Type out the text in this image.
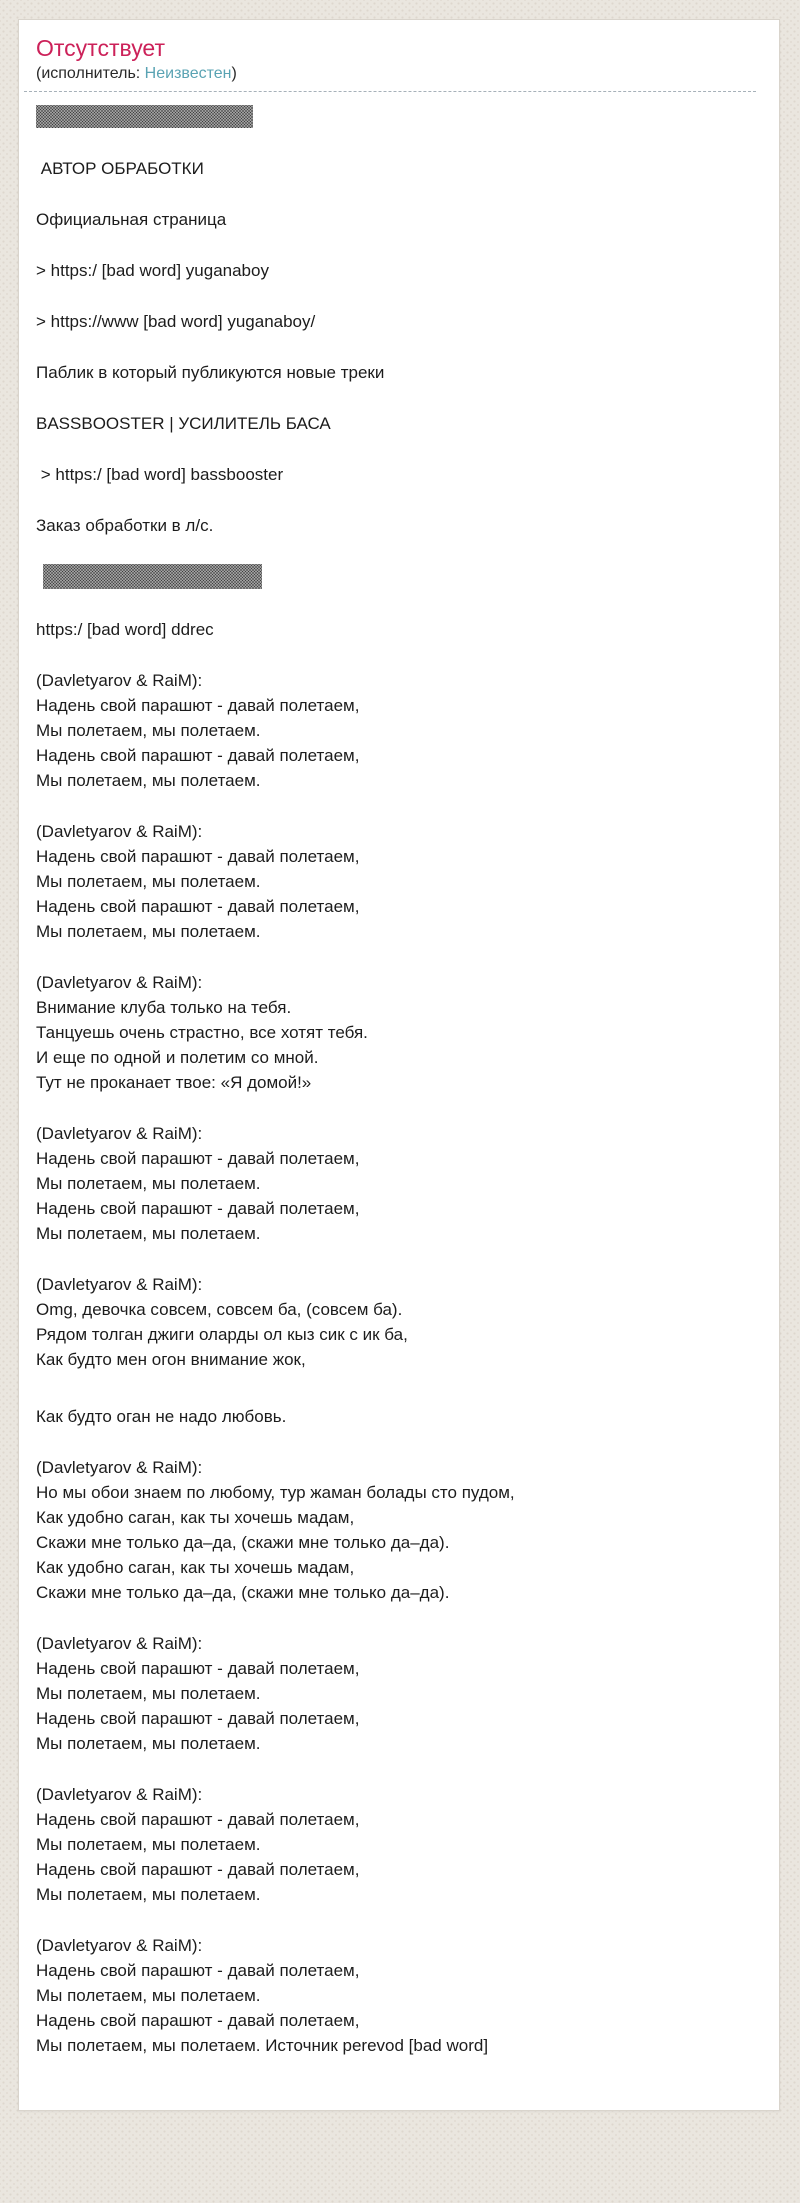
Отсутствует
(исполнитель: Неизвестен)

АВТОР ОБРАБОТКИ

Официальная страница

> https:/ [bad word] yuganaboy

> https://www [bad word] yuganaboy/

Паблик в который публикуются новые треки

BASSBOOSTER | УСИЛИТЕЛЬ БАСА

> https:/ [bad word] bassbooster

Заказ обработки в л/с.

https:/ [bad word] ddrec

(Davletyarov & RaiM):
Надень свой парашют - давай полетаем,
Мы полетаем, мы полетаем.
Надень свой парашют - давай полетаем,
Мы полетаем, мы полетаем.

(Davletyarov & RaiM):
Надень свой парашют - давай полетаем,
Мы полетаем, мы полетаем.
Надень свой парашют - давай полетаем,
Мы полетаем, мы полетаем.

(Davletyarov & RaiM):
Внимание клуба только на тебя.
Танцуешь очень страстно, все хотят тебя.
И еще по одной и полетим со мной.
Тут не проканает твое: «Я домой!»

(Davletyarov & RaiM):
Надень свой парашют - давай полетаем,
Мы полетаем, мы полетаем.
Надень свой парашют - давай полетаем,
Мы полетаем, мы полетаем.

(Davletyarov & RaiM):
Omg, девочка совсем, совсем ба, (совсем ба).
Рядом толган джиги оларды ол кыз сик с ик ба,
Как будто мен огон внимание жок,

Как будто оган не надо любовь.

(Davletyarov & RaiM):
Но мы обои знаем по любому, тур жаман болады сто пудом,
Как удобно саган, как ты хочешь мадам,
Скажи мне только да–да, (скажи мне только да–да).
Как удобно саган, как ты хочешь мадам,
Скажи мне только да–да, (скажи мне только да–да).

(Davletyarov & RaiM):
Надень свой парашют - давай полетаем,
Мы полетаем, мы полетаем.
Надень свой парашют - давай полетаем,
Мы полетаем, мы полетаем.

(Davletyarov & RaiM):
Надень свой парашют - давай полетаем,
Мы полетаем, мы полетаем.
Надень свой парашют - давай полетаем,
Мы полетаем, мы полетаем.

(Davletyarov & RaiM):
Надень свой парашют - давай полетаем,
Мы полетаем, мы полетаем.
Надень свой парашют - давай полетаем,
Мы полетаем, мы полетаем. Источник perevod [bad word]
